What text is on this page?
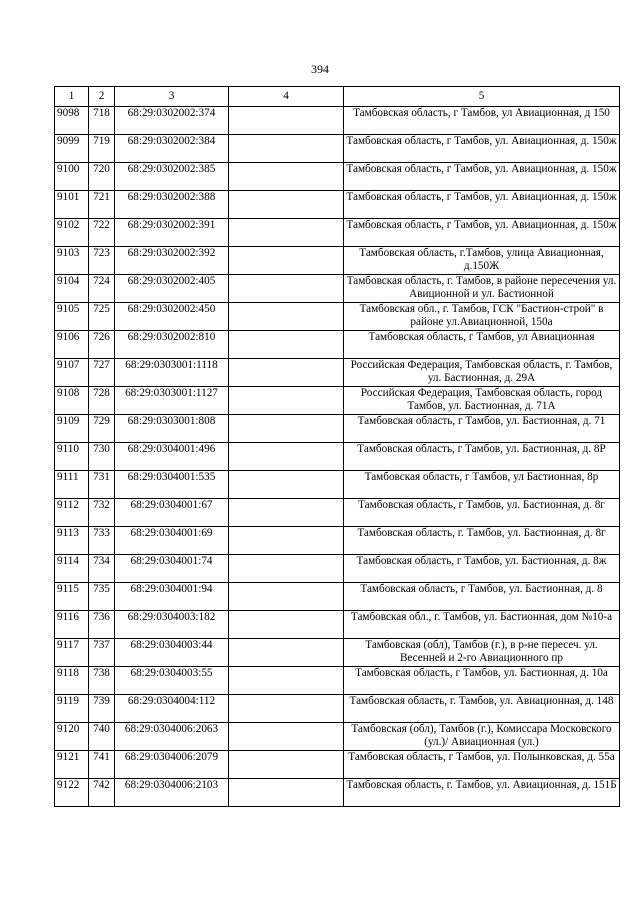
394
1	2	3	4	5
9098	718	68:29:0302002:374		Тамбовская область, г Тамбов, ул Авиационная, д 150
9099	719	68:29:0302002:384		Тамбовская область, г Тамбов, ул. Авиационная, д. 150ж
9100	720	68:29:0302002:385		Тамбовская область, г Тамбов, ул. Авиационная, д. 150ж
9101	721	68:29:0302002:388		Тамбовская область, г Тамбов, ул. Авиационная, д. 150ж
9102	722	68:29:0302002:391		Тамбовская область, г Тамбов, ул. Авиационная, д. 150ж
9103	723	68:29:0302002:392		Тамбовская область, г.Тамбов, улица Авиационная, д.150Ж
9104	724	68:29:0302002:405		Тамбовская область, г. Тамбов, в районе пересечения ул. Авиционной и ул. Бастионной
9105	725	68:29:0302002:450		Тамбовская обл., г. Тамбов, ГСК "Бастион-строй" в районе ул.Авиационной, 150а
9106	726	68:29:0302002:810		Тамбовская область, г Тамбов, ул Авиационная
9107	727	68:29:0303001:1118		Российская Федерация, Тамбовская область, г. Тамбов, ул. Бастионная, д. 29А
9108	728	68:29:0303001:1127		Российская Федерация, Тамбовская область, город Тамбов, ул. Бастионная, д. 71А
9109	729	68:29:0303001:808		Тамбовская область, г Тамбов, ул. Бастионная, д. 71
9110	730	68:29:0304001:496		Тамбовская область, г Тамбов, ул. Бастионная, д. 8Р
9111	731	68:29:0304001:535		Тамбовская область, г Тамбов, ул Бастионная, 8р
9112	732	68:29:0304001:67		Тамбовская область, г Тамбов, ул. Бастионная, д. 8г
9113	733	68:29:0304001:69		Тамбовская область, г. Тамбов, ул. Бастионная, д. 8г
9114	734	68:29:0304001:74		Тамбовская область, г Тамбов, ул. Бастионная, д. 8ж
9115	735	68:29:0304001:94		Тамбовская область, г Тамбов, ул. Бастионная, д. 8
9116	736	68:29:0304003:182		Тамбовская обл., г. Тамбов, ул. Бастионная, дом №10-а
9117	737	68:29:0304003:44		Тамбовская (обл), Тамбов (г.), в р-не пересеч. ул. Весенней и 2-го Авиационного пр
9118	738	68:29:0304003:55		Тамбовская область, г Тамбов, ул. Бастионная, д. 10а
9119	739	68:29:0304004:112		Тамбовская область, г. Тамбов, ул. Авиационная, д. 148
9120	740	68:29:0304006:2063		Тамбовская (обл), Тамбов (г.), Комиссара Московского (ул.)/ Авиационная (ул.)
9121	741	68:29:0304006:2079		Тамбовская область, г Тамбов, ул. Полынковская, д. 55а
9122	742	68:29:0304006:2103		Тамбовская область, г. Тамбов, ул. Авиационная, д. 151Б
